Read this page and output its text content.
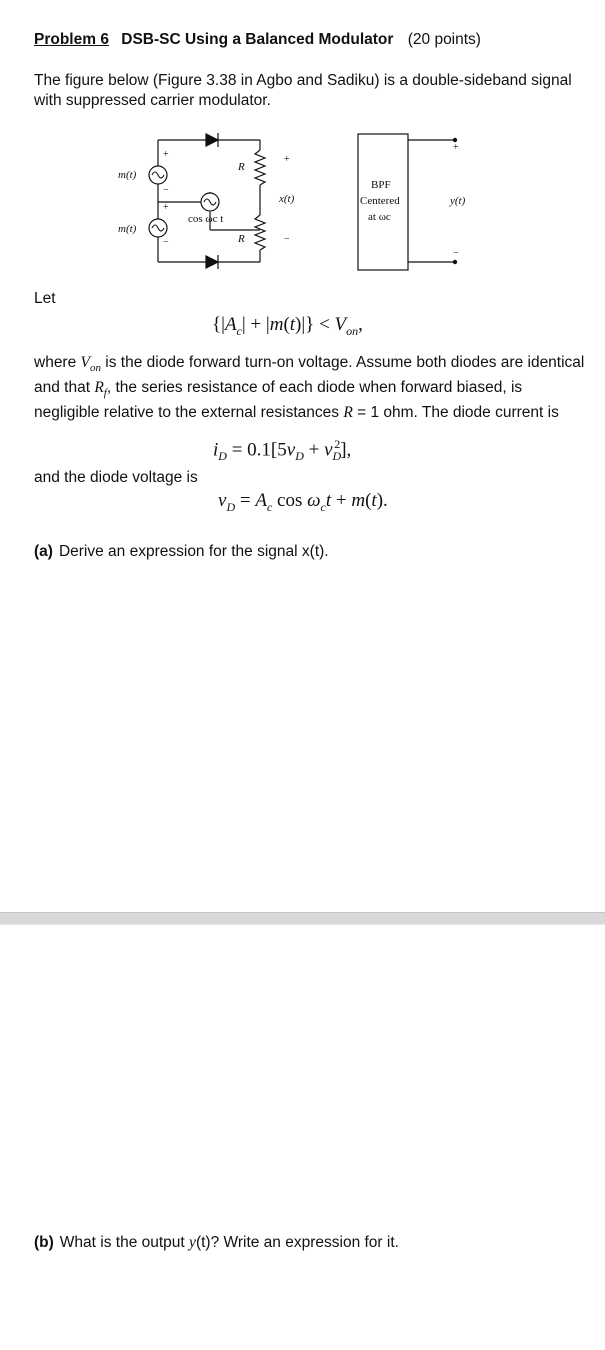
Problem 6 DSB-SC Using a Balanced Modulator (20 points)
The figure below (Figure 3.38 in Agbo and Sadiku) is a double-sideband signal with suppressed carrier modulator.
m(t)
m(t)
cos ωc t
R
R
x(t)
BPF
Centered
at ωc
y(t)
+
−
+
−
+
−
+
−
Let
$\{|A_c| + |m(t)|\} < V_{on}$,
where $V_{on}$ is the diode forward turn-on voltage. Assume both diodes are identical and that $R_f$, the series resistance of each diode when forward biased, is negligible relative to the external resistances R = 1 ohm. The diode current is
$i_D = 0.1[5v_D + v_D^2]$,
and the diode voltage is
$v_D = A_c$ $\cos \omega_ct + m(t)$.
(a) Derive an expression for the signal x(t).
(b) What is the output y(t)? Write an expression for it.
